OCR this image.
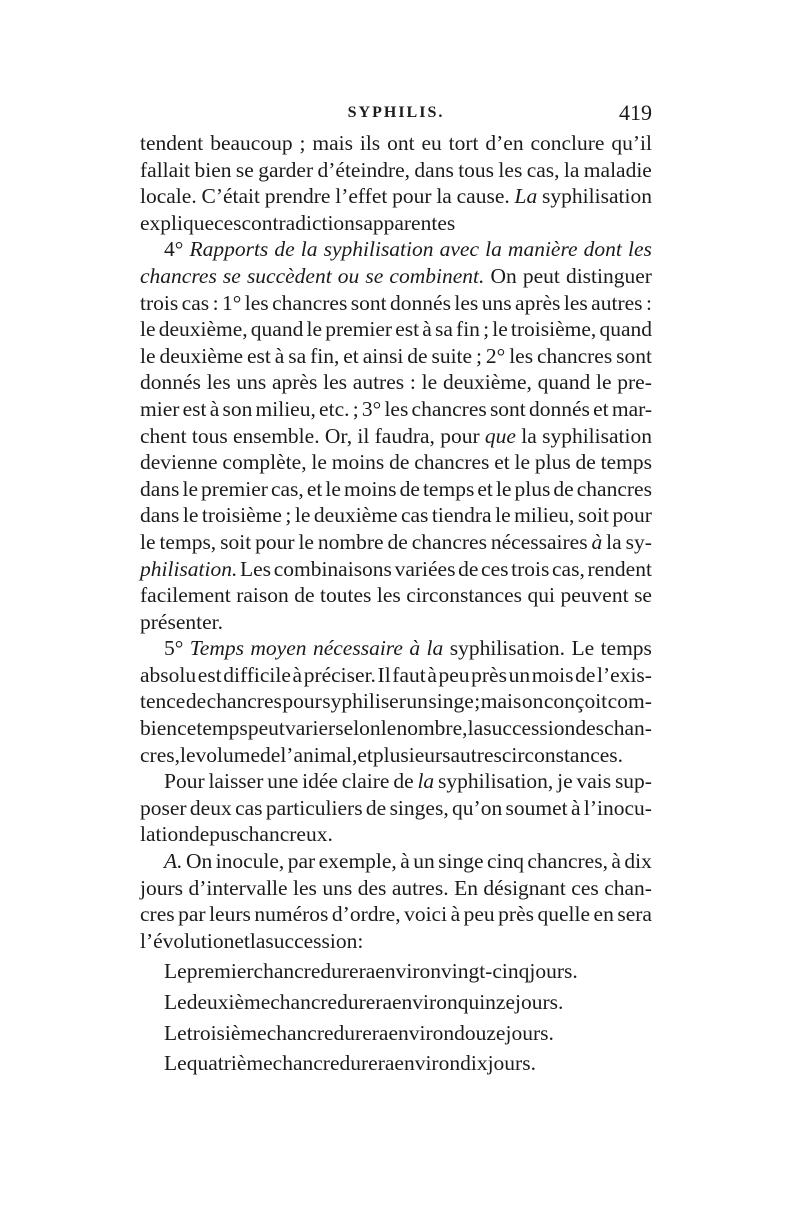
SYPHILIS.	419
tendent beaucoup ; mais ils ont eu tort d’en conclure qu’il
fallait bien se garder d’éteindre, dans tous les cas, la maladie
locale. C’était prendre l’effet pour la cause. La syphilisation
explique ces contradictions apparentes
4° Rapports de la syphilisation avec la manière dont les
chancres se succèdent ou se combinent. On peut distinguer
trois cas : 1° les chancres sont donnés les uns après les autres :
le deuxième, quand le premier est à sa fin ; le troisième, quand
le deuxième est à sa fin, et ainsi de suite ; 2° les chancres sont
donnés les uns après les autres : le deuxième, quand le pre-
mier est à son milieu, etc. ; 3° les chancres sont donnés et mar-
chent tous ensemble. Or, il faudra, pour que la syphilisation
devienne complète, le moins de chancres et le plus de temps
dans le premier cas, et le moins de temps et le plus de chancres
dans le troisième ; le deuxième cas tiendra le milieu, soit pour
le temps, soit pour le nombre de chancres nécessaires à la sy-
philisation. Les combinaisons variées de ces trois cas, rendent
facilement raison de toutes les circonstances qui peuvent se
présenter.
5° Temps moyen nécessaire à la syphilisation. Le temps
absolu est difficile à préciser. Il faut à peu près un mois de l’exis-
tence de chancres pour syphiliser un singe ; mais on conçoit com-
bien ce temps peut varier selon le nombre, la succession des chan-
cres, le volume de l’animal, et plusieurs autres circonstances.
Pour laisser une idée claire de la syphilisation, je vais sup-
poser deux cas particuliers de singes, qu’on soumet à l’inocu-
lation de pus chancreux.
A. On inocule, par exemple, à un singe cinq chancres, à dix
jours d’intervalle les uns des autres. En désignant ces chan-
cres par leurs numéros d’ordre, voici à peu près quelle en sera
l’évolution et la succession :
Le premier chancre durera environ vingt-cinq jours.
Le deuxième chancre durera environ quinze jours.
Le troisième chancre durera environ douze jours.
Le quatrième chancre durera environ dix jours.
